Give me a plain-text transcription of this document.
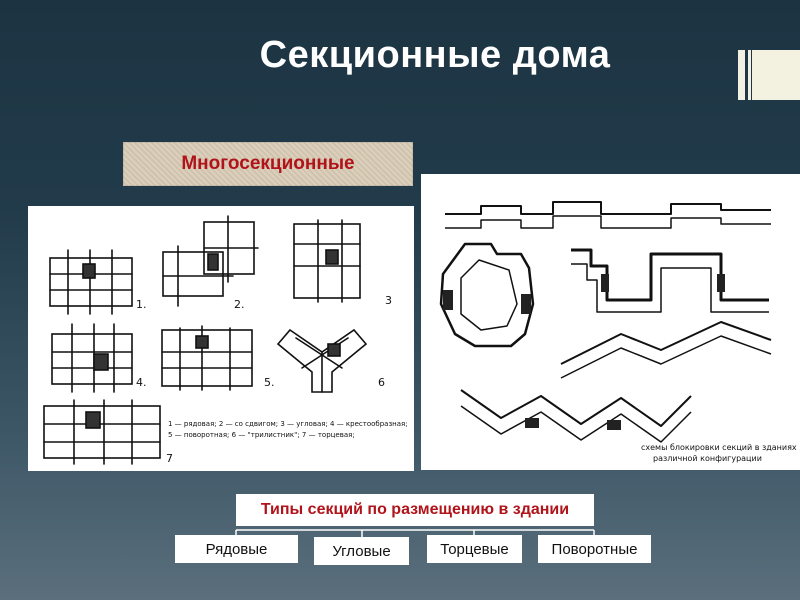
Секционные дома
Многосекционные
1.	2.	3
4.	5.	6
7
1 — рядовая; 2 — со сдвигом; 3 — угловая; 4 — крестообразная;
5 — поворотная; 6 — "трилистник"; 7 — торцевая;
схемы блокировки секций в зданиях
различной конфигурации
Типы секций по размещению в здании
Рядовые	Угловые	Торцевые	Поворотные
